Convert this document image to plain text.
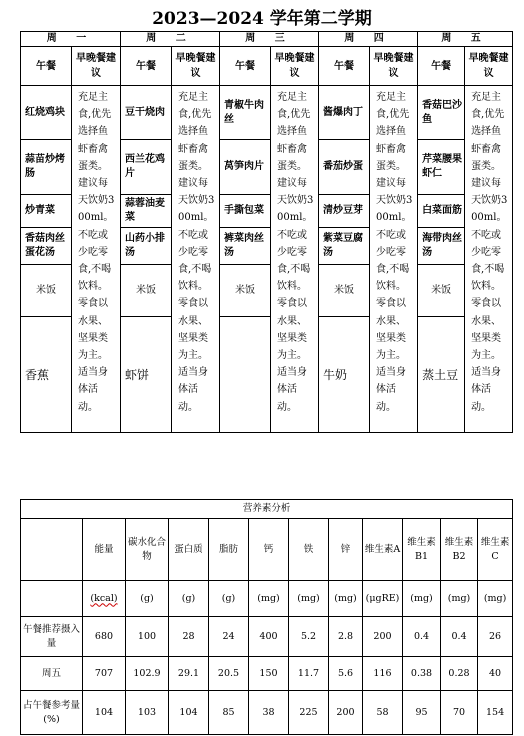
2023—2024 学年第二学期
周 一		周 二		周 三		周 四		周 五	
午餐	早晚餐建议	午餐	早晚餐建议	午餐	早晚餐建议	午餐	早晚餐建议	午餐	早晚餐建议
红烧鸡块	充足主食,优先选择鱼虾畜禽蛋类。建议每天饮奶300ml。不吃或少吃零食,不喝饮料。零食以水果、坚果类为主。适当身体活动。	豆干烧肉	充足主食,优先选择鱼虾畜禽蛋类。建议每天饮奶300ml。不吃或少吃零食,不喝饮料。零食以水果、坚果类为主。适当身体活动。	青椒牛肉丝	充足主食,优先选择鱼虾畜禽蛋类。建议每天饮奶300ml。不吃或少吃零食,不喝饮料。零食以水果、坚果类为主。适当身体活动。	酱爆肉丁	充足主食,优先选择鱼虾畜禽蛋类。建议每天饮奶300ml。不吃或少吃零食,不喝饮料。零食以水果、坚果类为主。适当身体活动。	香菇巴沙鱼	充足主食,优先选择鱼虾畜禽蛋类。建议每天饮奶300ml。不吃或少吃零食,不喝饮料。零食以水果、坚果类为主。适当身体活动。
蒜苗炒烤肠		西兰花鸡片		莴笋肉片		番茄炒蛋		芹菜腰果虾仁	
炒青菜		蒜蓉油麦菜		手撕包菜		清炒豆芽		白菜面筋	
香菇肉丝蛋花汤		山药小排汤		裤菜肉丝汤		紫菜豆腐汤		海带肉丝汤	
米饭		米饭		米饭		米饭		米饭	
香蕉		虾饼				牛奶		蒸土豆	
营养素分析											
	能量	碳水化合物	蛋白质	脂肪	钙	铁	锌	维生素A	维生素B1	维生素B2	维生素C
	(kcal)	(g)	(g)	(g)	(mg)	(mg)	(mg)	(μgRE)	(mg)	(mg)	(mg)
午餐推荐摄入量	680	100	28	24	400	5.2	2.8	200	0.4	0.4	26
周五	707	102.9	29.1	20.5	150	11.7	5.6	116	0.38	0.28	40
占午餐参考量(%)	104	103	104	85	38	225	200	58	95	70	154
